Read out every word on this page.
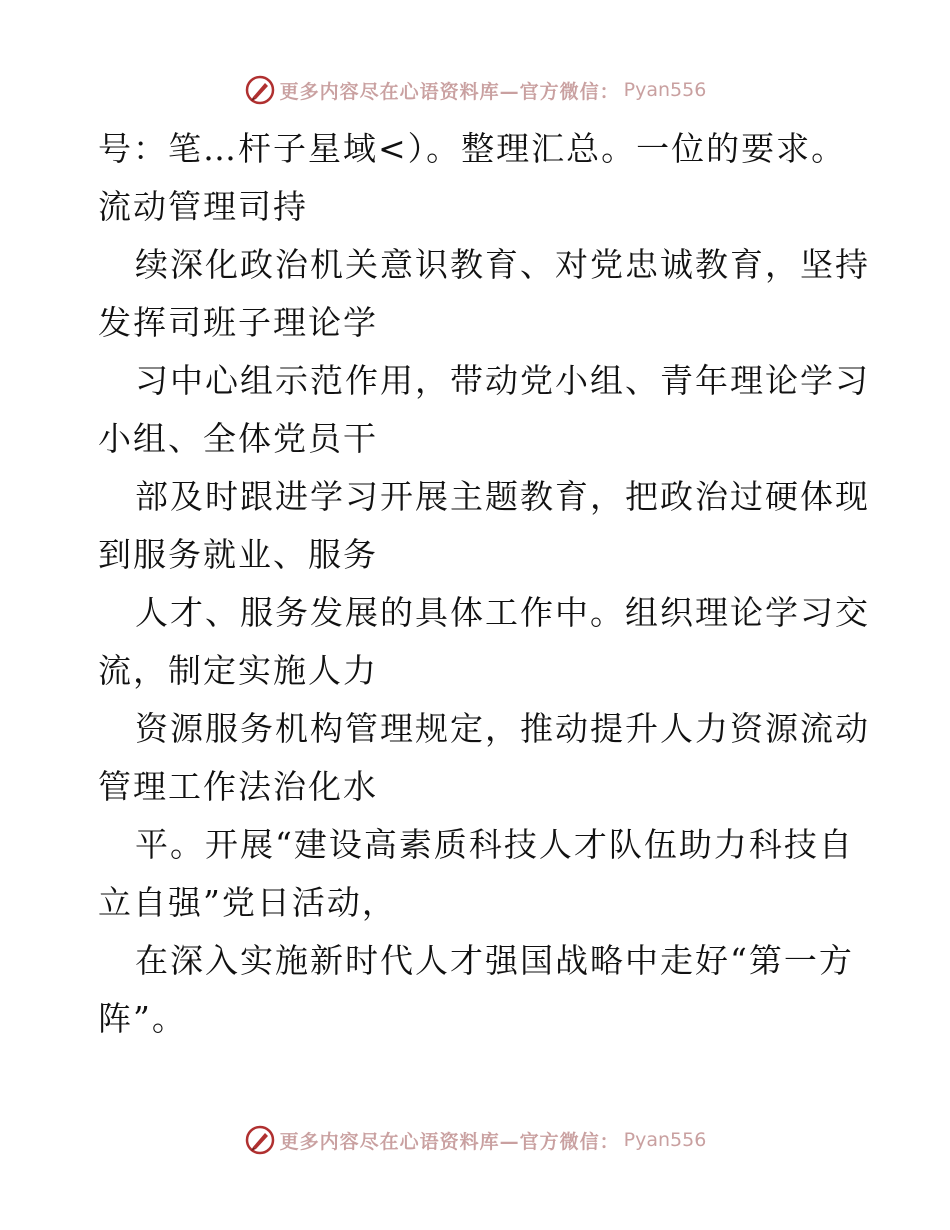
更多内容尽在心语资料库—官方微信： Pyan556
号：笔…杆子星域<）。整理汇总。一位的要求。
流动管理司持
续深化政治机关意识教育、对党忠诚教育，坚持
发挥司班子理论学
习中心组示范作用，带动党小组、青年理论学习
小组、全体党员干
部及时跟进学习开展主题教育，把政治过硬体现
到服务就业、服务
人才、服务发展的具体工作中。组织理论学习交
流，制定实施人力
资源服务机构管理规定，推动提升人力资源流动
管理工作法治化水
平。开展“建设高素质科技人才队伍助力科技自
立自强”党日活动，
在深入实施新时代人才强国战略中走好“第一方
阵”。
更多内容尽在心语资料库—官方微信： Pyan556
